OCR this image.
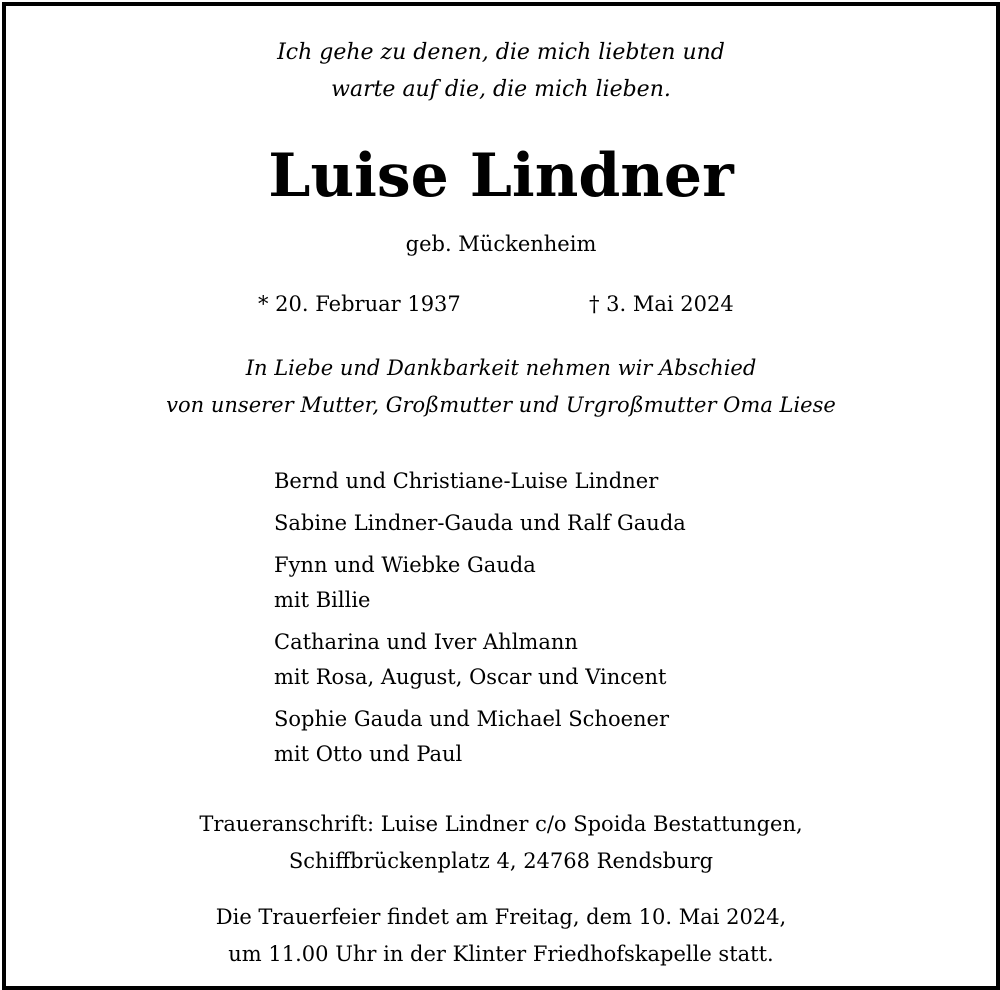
Ich gehe zu denen, die mich liebten und
warte auf die, die mich lieben.
Luise Lindner
geb. Mückenheim
* 20. Februar 1937	† 3. Mai 2024
In Liebe und Dankbarkeit nehmen wir Abschied
von unserer Mutter, Großmutter und Urgroßmutter Oma Liese
Bernd und Christiane-Luise Lindner
Sabine Lindner-Gauda und Ralf Gauda
Fynn und Wiebke Gauda
mit Billie
Catharina und Iver Ahlmann
mit Rosa, August, Oscar und Vincent
Sophie Gauda und Michael Schoener
mit Otto und Paul
Traueranschrift: Luise Lindner c/o Spoida Bestattungen,
Schiffbrückenplatz 4, 24768 Rendsburg
Die Trauerfeier findet am Freitag, dem 10. Mai 2024,
um 11.00 Uhr in der Klinter Friedhofskapelle statt.
